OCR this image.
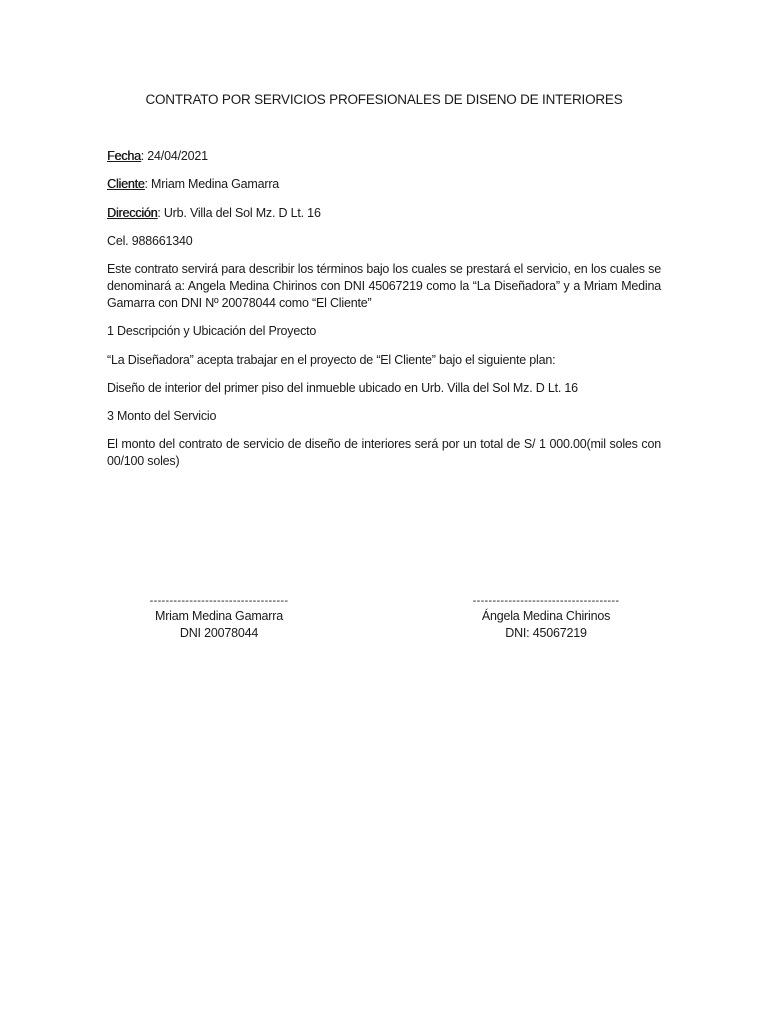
CONTRATO POR SERVICIOS PROFESIONALES DE DISENO DE INTERIORES

Fecha: 24/04/2021

Cliente: Mriam Medina Gamarra

Dirección: Urb. Villa del Sol Mz. D Lt. 16

Cel. 988661340

Este contrato servirá para describir los términos bajo los cuales se prestará el servicio, en los cuales se denominará a: Angela Medina Chirinos con DNI 45067219 como la “La Diseñadora” y a Mriam Medina Gamarra con DNI Nº 20078044 como “El Cliente”

1 Descripción y Ubicación del Proyecto

“La Diseñadora” acepta trabajar en el proyecto de “El Cliente” bajo el siguiente plan:

Diseño de interior del primer piso del inmueble ubicado en Urb. Villa del Sol Mz. D Lt. 16

3 Monto del Servicio

El monto del contrato de servicio de diseño de interiores será por un total de S/ 1 000.00(mil soles con 00/100 soles)

-----------------------------------
Mriam Medina Gamarra
DNI 20078044
-------------------------------------
Ángela Medina Chirinos
DNI: 45067219
